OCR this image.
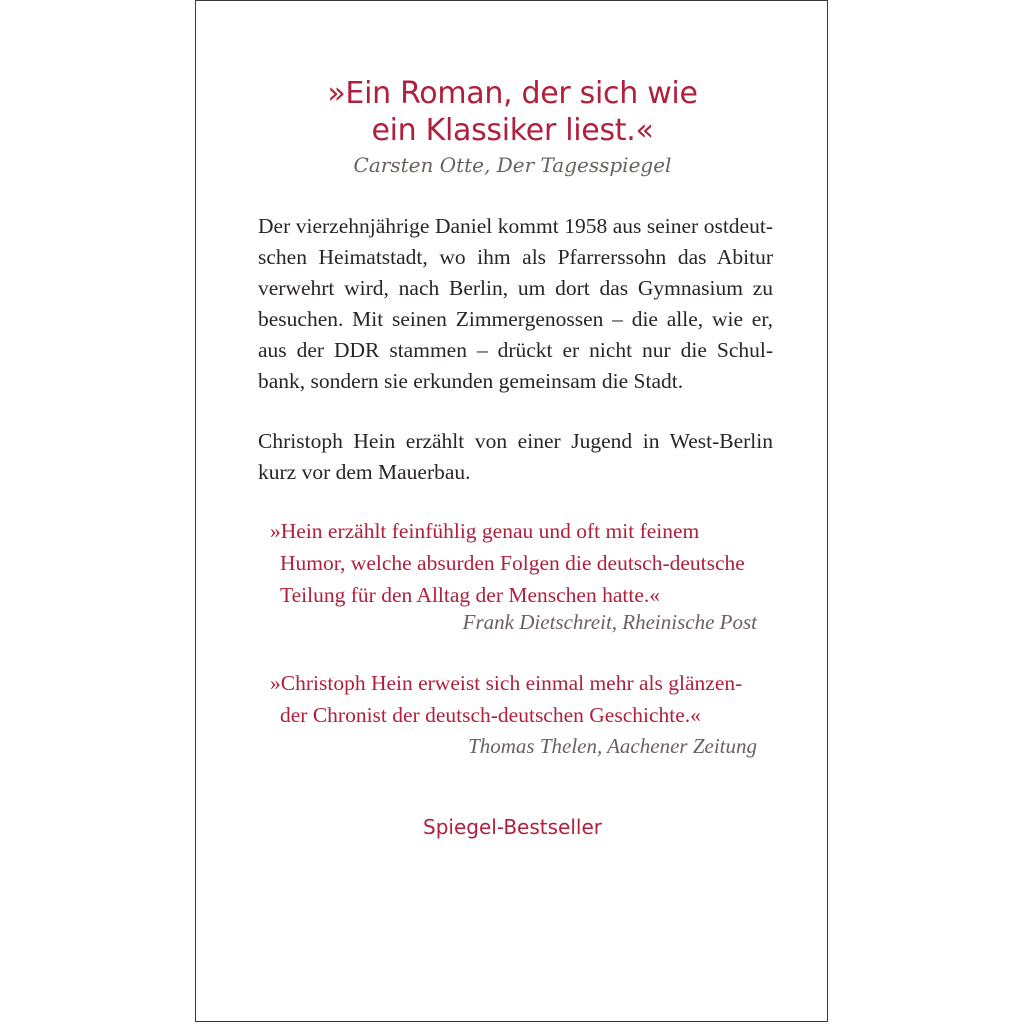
»Ein Roman, der sich wie
ein Klassiker liest.«
Carsten Otte, Der Tagesspiegel
Der vierzehnjährige Daniel kommt 1958 aus seiner ostdeut-
schen Heimatstadt, wo ihm als Pfarrerssohn das Abitur
verwehrt wird, nach Berlin, um dort das Gymnasium zu
besuchen. Mit seinen Zimmergenossen – die alle, wie er,
aus der DDR stammen – drückt er nicht nur die Schul-
bank, sondern sie erkunden gemeinsam die Stadt.
Christoph Hein erzählt von einer Jugend in West-Berlin
kurz vor dem Mauerbau.
»Hein erzählt feinfühlig genau und oft mit feinem
Humor, welche absurden Folgen die deutsch-deutsche
Teilung für den Alltag der Menschen hatte.«
Frank Dietschreit, Rheinische Post
»Christoph Hein erweist sich einmal mehr als glänzen-
der Chronist der deutsch-deutschen Geschichte.«
Thomas Thelen, Aachener Zeitung
Spiegel-Bestseller
